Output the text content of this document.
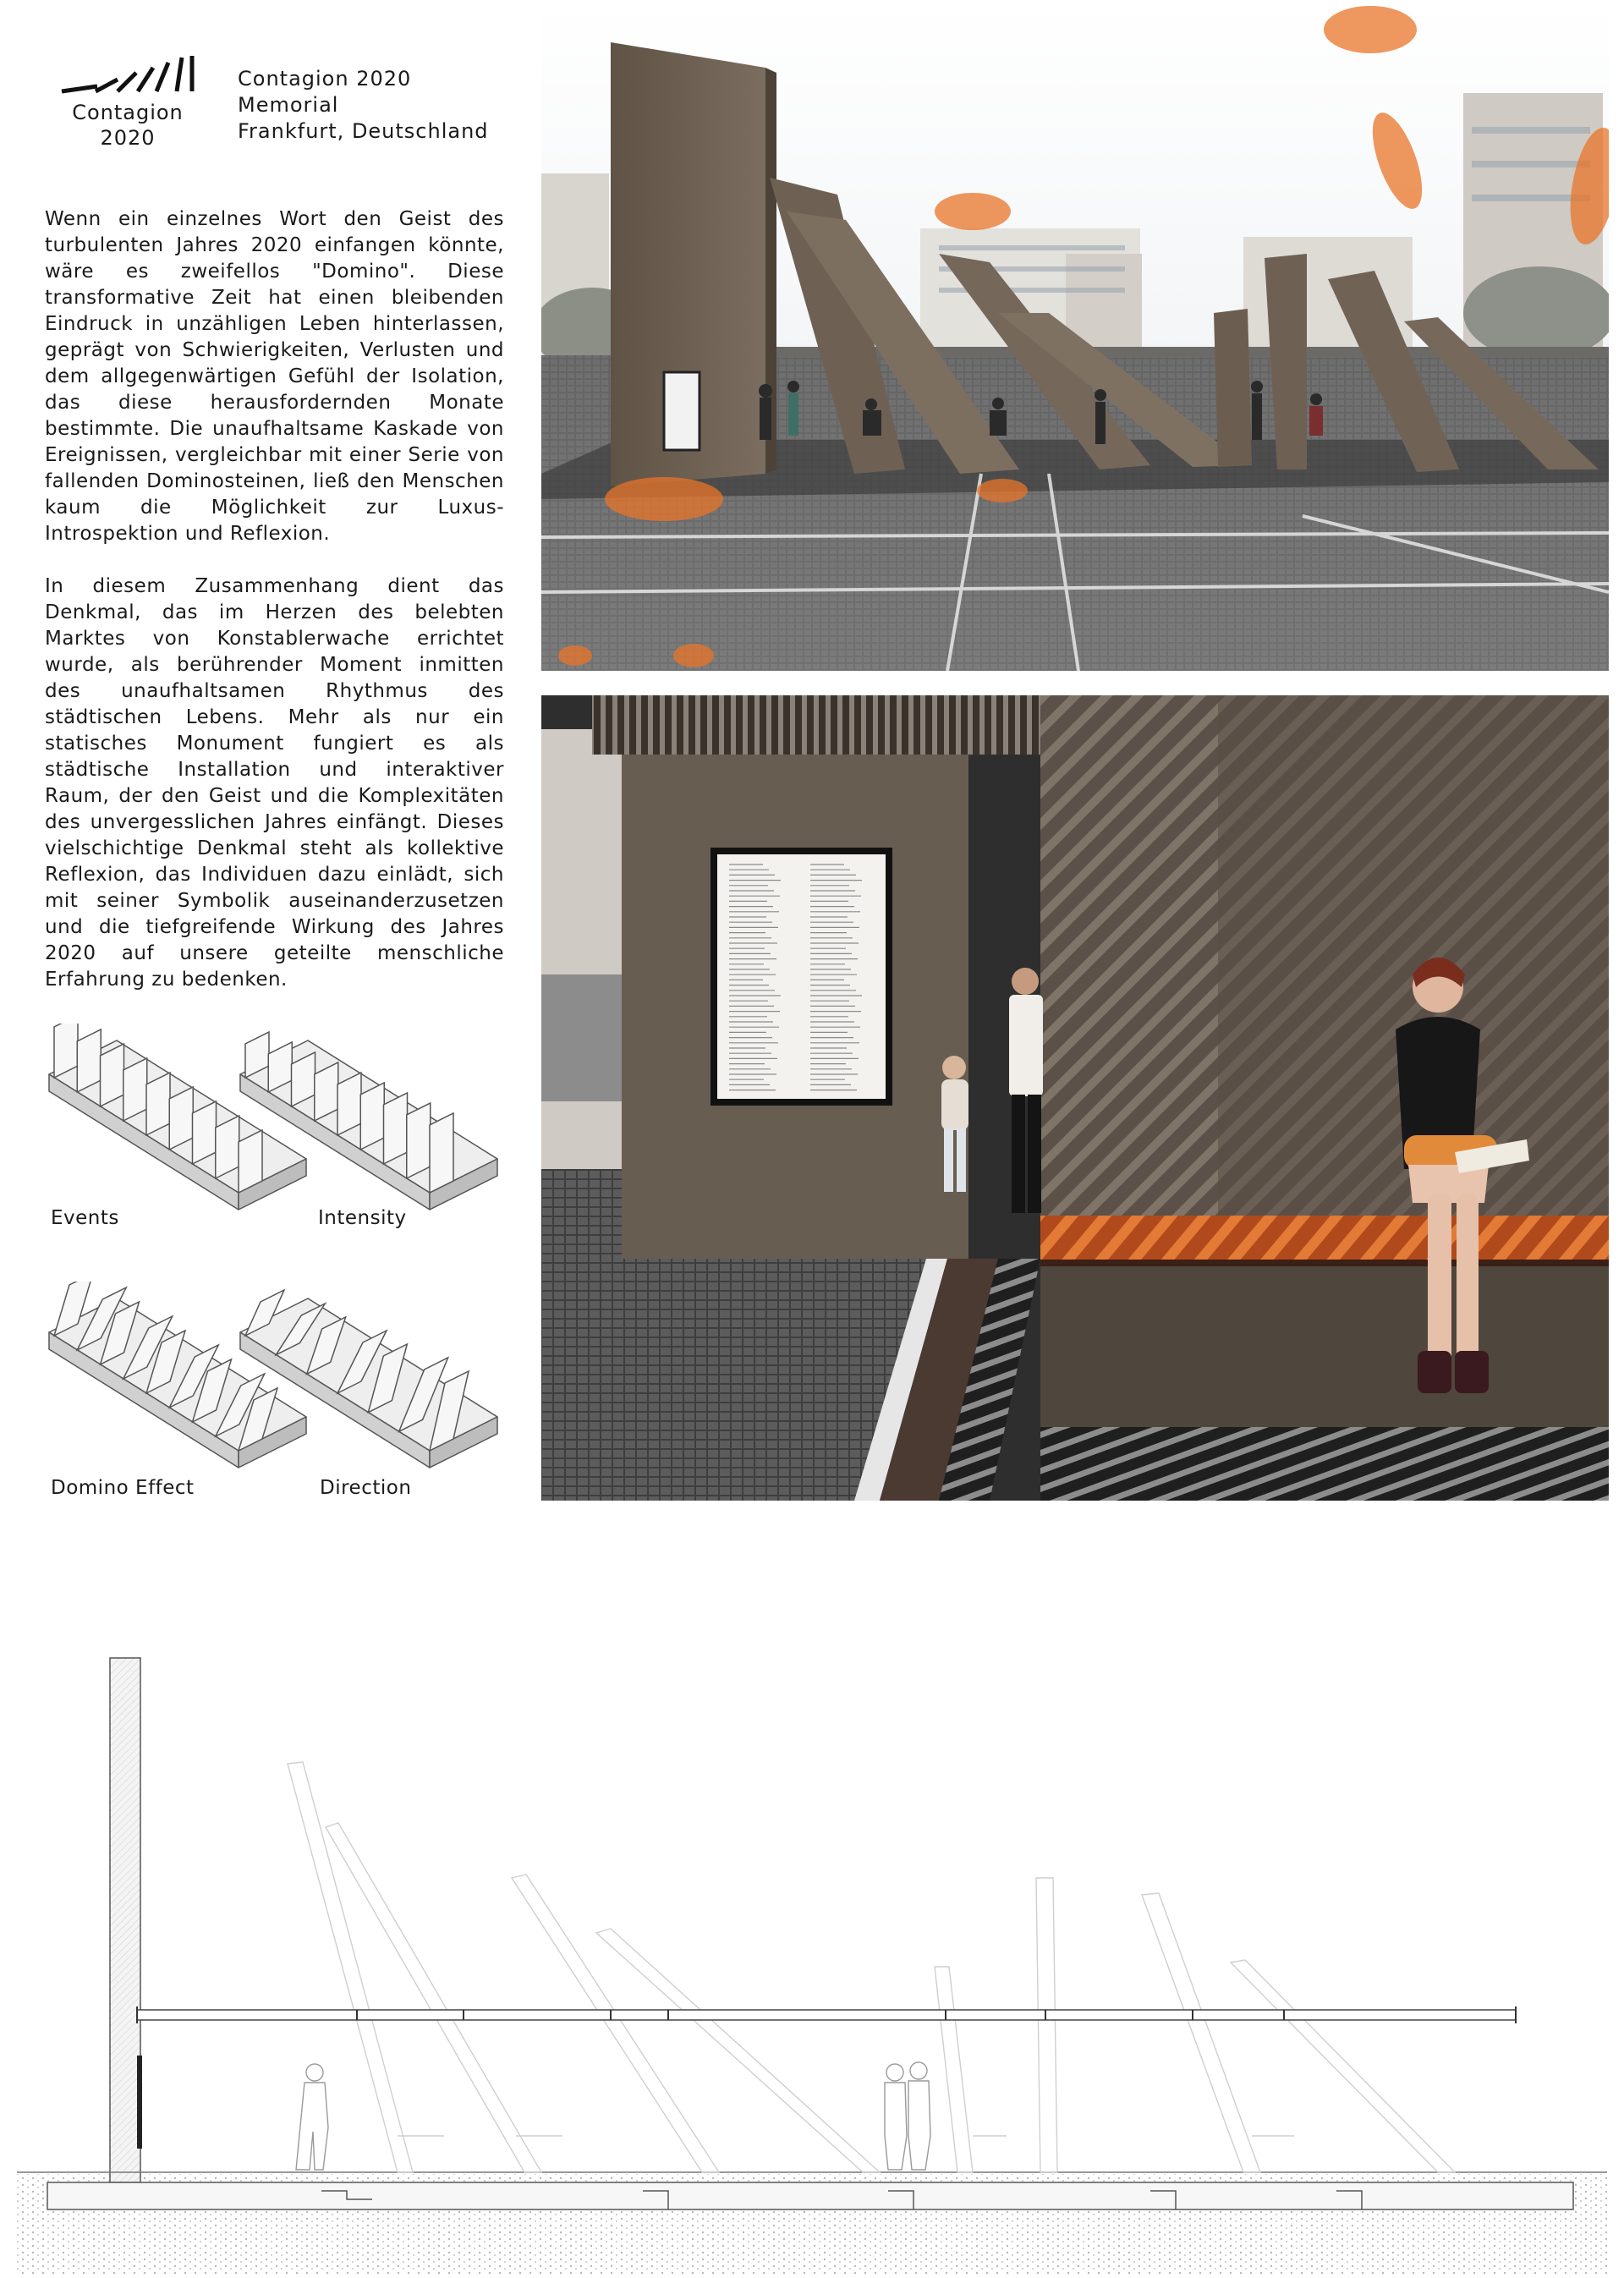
Contagion
2020
Contagion 2020
Memorial
Frankfurt, Deutschland

Wenn ein einzelnes Wort den Geist des turbulenten Jahres 2020 einfangen könnte, wäre es zweifellos "Domino". Diese transformative Zeit hat einen bleibenden Eindruck in unzähligen Leben hinterlassen, geprägt von Schwierigkeiten, Verlusten und dem allgegenwärtigen Gefühl der Isolation, das diese herausfordernden Monate bestimmte. Die unaufhaltsame Kaskade von Ereignissen, vergleichbar mit einer Serie von fallenden Dominosteinen, ließ den Menschen kaum die Möglichkeit zur Luxus-Introspektion und Reflexion.

In diesem Zusammenhang dient das Denkmal, das im Herzen des belebten Marktes von Konstablerwache errichtet wurde, als berührender Moment inmitten des unaufhaltsamen Rhythmus des städtischen Lebens. Mehr als nur ein statisches Monument fungiert es als städtische Installation und interaktiver Raum, der den Geist und die Komplexitäten des unvergesslichen Jahres einfängt. Dieses vielschichtige Denkmal steht als kollektive Reflexion, das Individuen dazu einlädt, sich mit seiner Symbolik auseinanderzusetzen und die tiefgreifende Wirkung des Jahres 2020 auf unsere geteilte menschliche Erfahrung zu bedenken.

Events	Intensity
Domino Effect	Direction
